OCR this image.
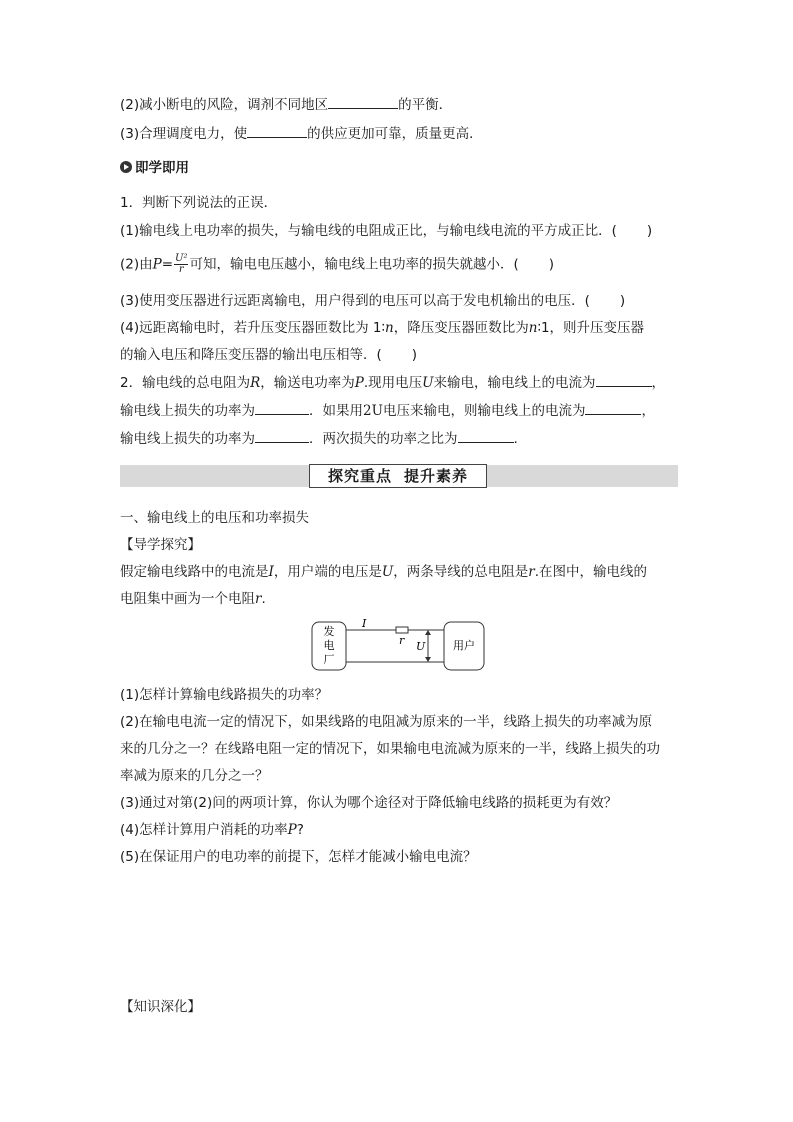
(2)减小断电的风险，调剂不同地区	的平衡．
(3)合理调度电力，使	的供应更加可靠，质量更高．
即学即用
1．判断下列说法的正误．
(1)输电线上电功率的损失，与输电线的电阻成正比，与输电线电流的平方成正比．( )
(2)由$P= \frac{\text{U²}}{r}$ 可知，输电电压越小，输电线上电功率的损失就越小．( )
(3)使用变压器进行远距离输电，用户得到的电压可以高于发电机输出的电压．( )
(4)远距离输电时，若升压变压器匝数比为 1∶n，降压变压器匝数比为n∶1，则升压变压器
的输入电压和降压变压器的输出电压相等．( )
2．输电线的总电阻为R，输送电功率为P.现用电压U来输电，输电线上的电流为	，
输电线上损失的功率为	．如果用2U电压来输电，则输电线上的电流为	，
输电线上损失的功率为	．两次损失的功率之比为	.
探究重点 提升素养
一、输电线上的电压和功率损失
【导学探究】
假定输电线路中的电流是I，用户端的电压是U，两条导线的总电阻是r.在图中，输电线的
电阻集中画为一个电阻r.
发
电
厂
用户
I
r U
(1)怎样计算输电线路损失的功率？
(2)在输电电流一定的情况下，如果线路的电阻减为原来的一半，线路上损失的功率减为原
来的几分之一？在线路电阻一定的情况下，如果输电电流减为原来的一半，线路上损失的功
率减为原来的几分之一？
(3)通过对第(2)问的两项计算，你认为哪个途径对于降低输电线路的损耗更为有效？
(4)怎样计算用户消耗的功率P?
(5)在保证用户的电功率的前提下，怎样才能减小输电电流？
【知识深化】
